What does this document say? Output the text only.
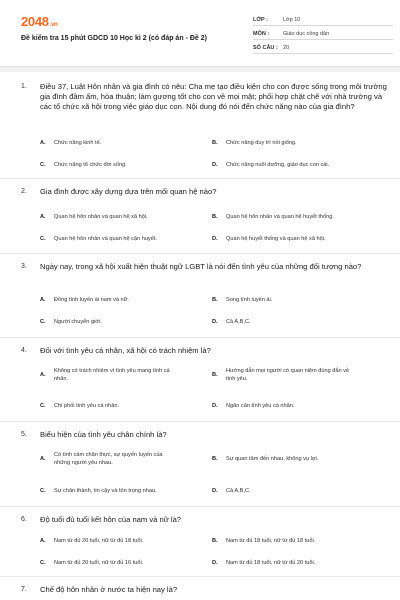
2048.vn
Đề kiểm tra 15 phút GDCD 10 Học kì 2 (có đáp án - Đề 2)
LỚP :	Lớp 10
MÔN :	Giáo dục công dân
SỐ CÂU : 20
1. Điều 37, Luật Hôn nhân và gia đình có nêu: Cha mẹ tạo điều kiện cho con được sống trong môi trường gia đình đầm ấm, hòa thuận; làm gương tốt cho con về mọi mặt; phối hợp chặt chẽ với nhà trường và các tổ chức xã hội trong việc giáo dục con. Nội dung đó nói đến chức năng nào của gia đình?
A. Chức năng kinh tế.	B. Chức năng duy trì nòi giống.
C. Chức năng tổ chức đời sống.	D. Chức năng nuôi dưỡng, giáo dục con cái.
2. Gia đình được xây dựng dựa trên mối quan hệ nào?
A. Quan hệ hôn nhân và quan hệ xã hội.	B. Quan hệ hôn nhân và quan hệ huyết thống.
C. Quan hệ hôn nhân và quan hệ cận huyết.	D. Quan hệ huyết thống và quan hệ xã hội.
3. Ngày nay, trong xã hội xuất hiện thuật ngữ LGBT là nói đến tình yêu của những đối tượng nào?
A. Đồng tính luyến ái nam và nữ.	B. Song tính luyến ái.
C. Người chuyển giới.	D. Cả A,B,C.
4. Đối với tình yêu cá nhân, xã hội có trách nhiệm là?
A.
Không có trách nhiệm vì tình yêu mang tính cá nhân.
B.
Hướng dẫn mọi người có quan niệm đúng đắn về tình yêu.
C. Chi phối tình yêu cá nhân.	D. Ngăn cản tình yêu cá nhân.
5. Biểu hiện của tình yêu chân chính là?
A.
Có tình cảm chân thực, sự quyến luyến của những người yêu nhau.
B. Sự quan tâm đến nhau, không vụ lợi.
C. Sự chân thành, tin cậy và tôn trọng nhau.	D. Cả A,B,C.
6. Độ tuổi đủ tuổi kết hôn của nam và nữ là?
A. Nam từ đủ 20 tuổi, nữ từ đủ 18 tuổi.	B. Nam từ đủ 18 tuổi, nữ từ đủ 18 tuổi.
C. Nam từ đủ 20 tuổi, nữ từ đủ 16 tuổi.	D. Nam từ đủ 18 tuổi, nữ từ đủ 20 tuổi.
7. Chế độ hôn nhân ở nước ta hiện nay là?
